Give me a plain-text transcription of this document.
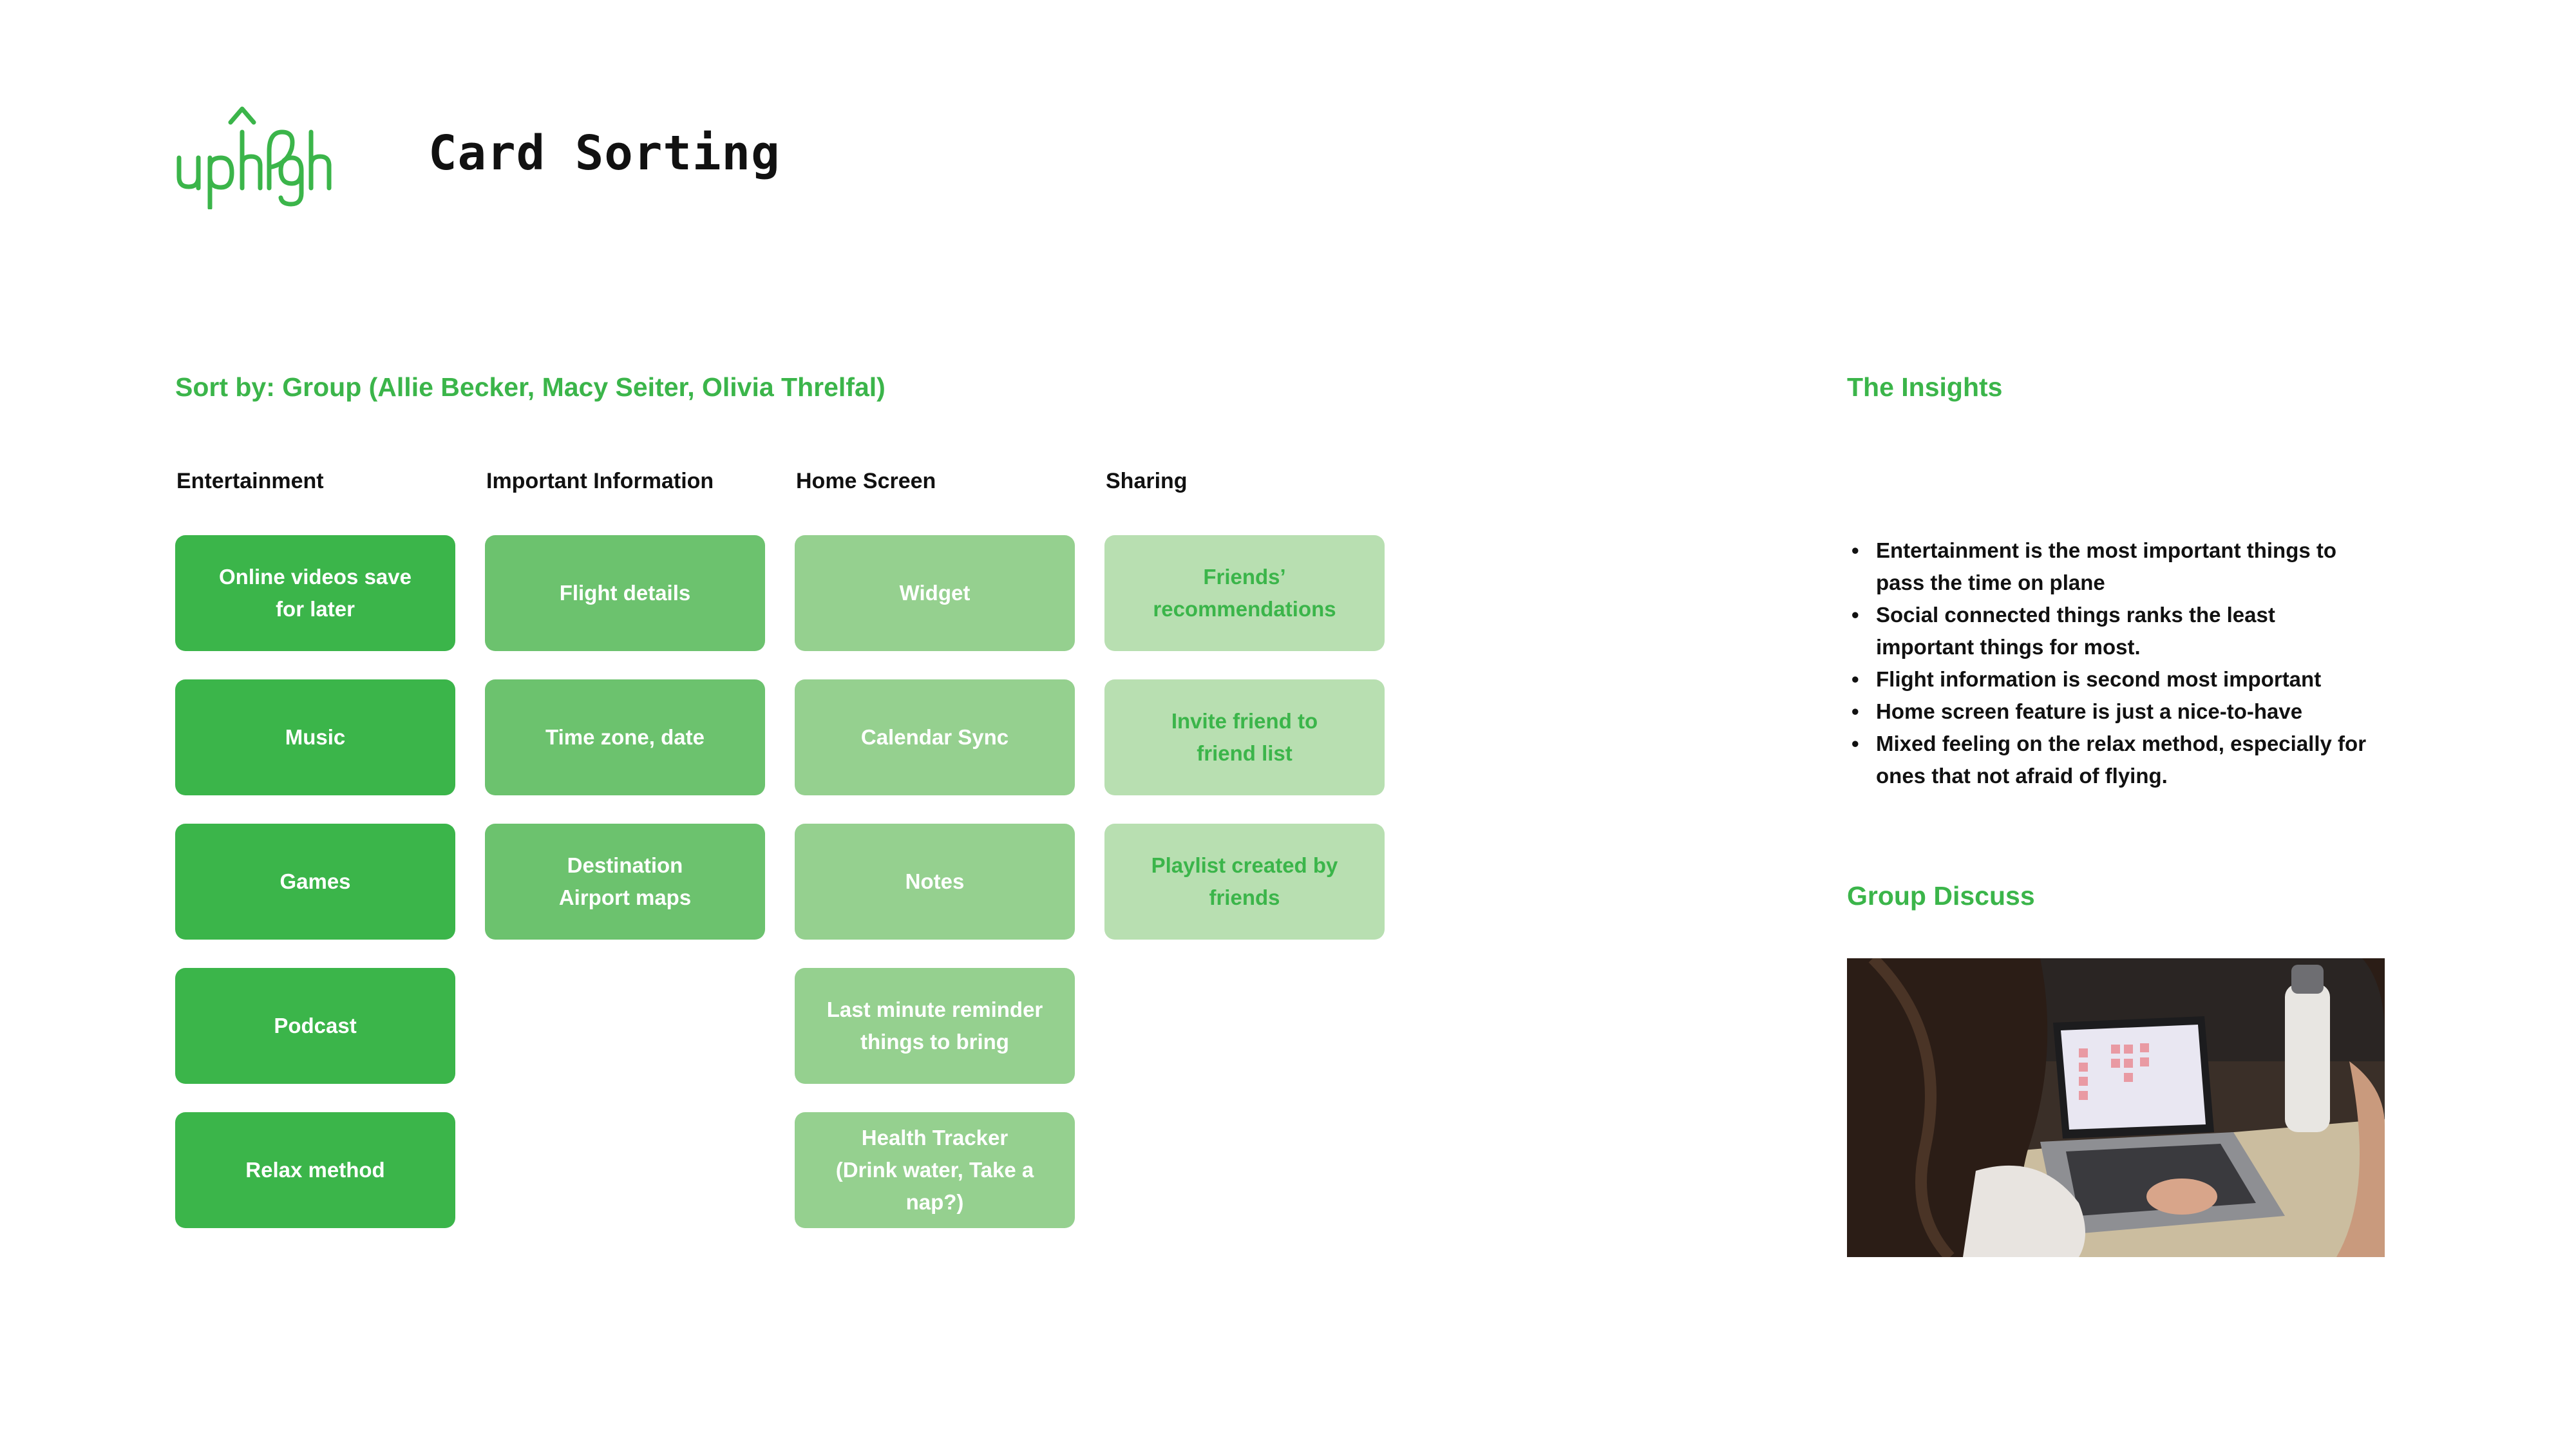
Card Sorting
Sort by: Group (Allie Becker, Macy Seiter, Olivia Threlfal)
Entertainment
Online videos save
for later
Music
Games
Podcast
Relax method
Important Information
Flight details
Time zone, date
Destination
Airport maps
Home Screen
Widget
Calendar Sync
Notes
Last minute reminder
things to bring
Health Tracker
(Drink water, Take a nap?)
Sharing
Friends’
recommendations
Invite friend to
friend list
Playlist created by
friends
The Insights
• Entertainment is the most important things to pass the time on plane
• Social connected things ranks the least important things for most.
• Flight information is second most important
• Home screen feature is just a nice-to-have
• Mixed feeling on the relax method, especially for ones that not afraid of flying.
Group Discuss
